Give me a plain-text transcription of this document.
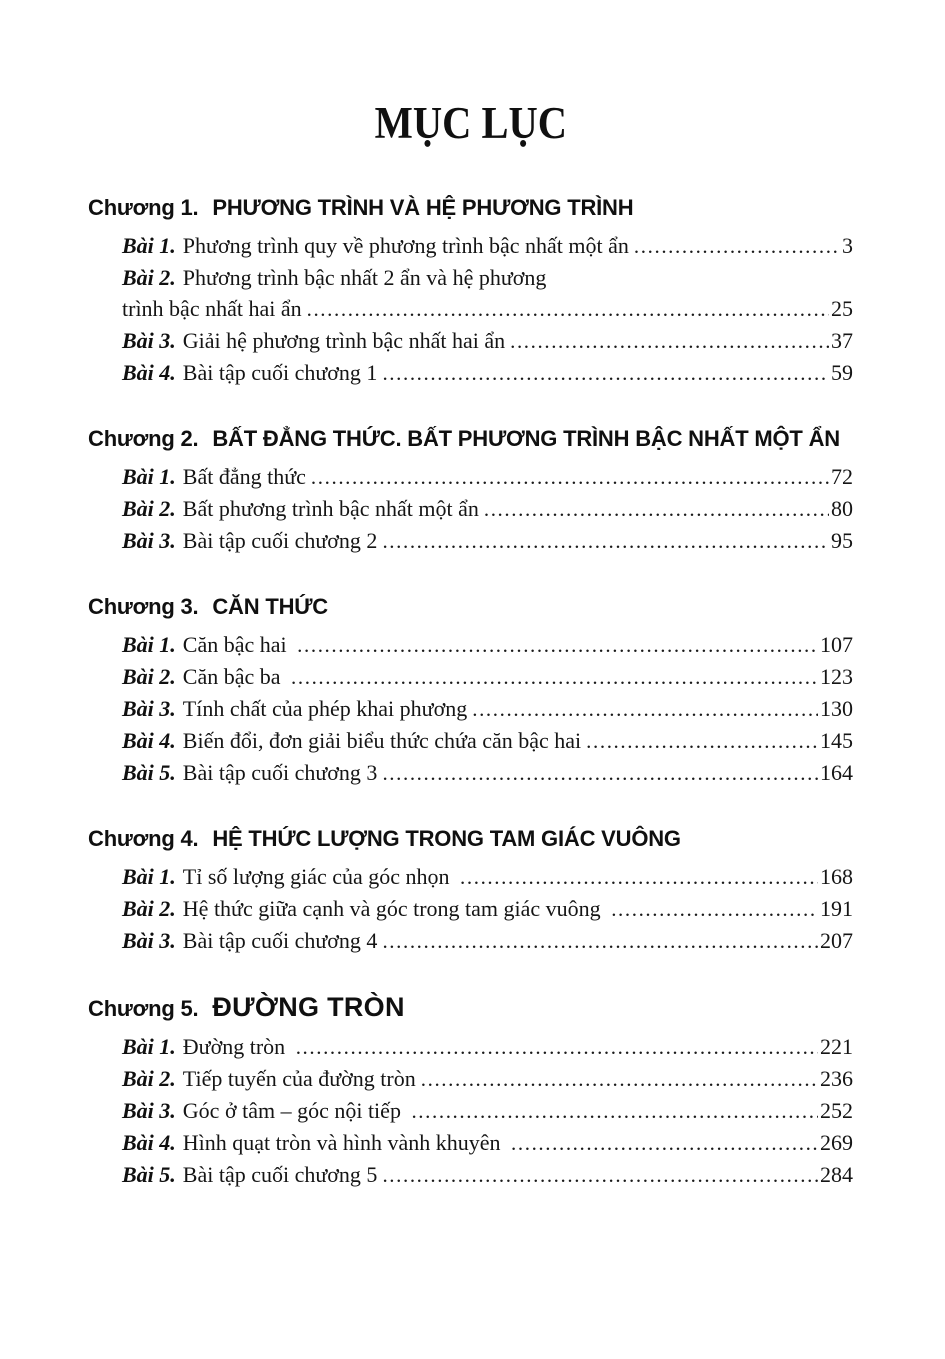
MỤC LỤC
Chương 1. PHƯƠNG TRÌNH VÀ HỆ PHƯƠNG TRÌNH
Bài 1. Phương trình quy về phương trình bậc nhất một ẩn .....	3
Bài 2. Phương trình bậc nhất 2 ẩn và hệ phương
trình bậc nhất hai ẩn .....	25
Bài 3. Giải hệ phương trình bậc nhất hai ẩn .....	37
Bài 4. Bài tập cuối chương 1 .....	59
Chương 2. BẤT ĐẲNG THỨC. BẤT PHƯƠNG TRÌNH BẬC NHẤT MỘT ẨN
Bài 1. Bất đẳng thức .....	72
Bài 2. Bất phương trình bậc nhất một ẩn .....	80
Bài 3. Bài tập cuối chương 2 .....	95
Chương 3. CĂN THỨC
Bài 1. Căn bậc hai .....	107
Bài 2. Căn bậc ba .....	123
Bài 3. Tính chất của phép khai phương .....	130
Bài 4. Biến đổi, đơn giải biểu thức chứa căn bậc hai .....	145
Bài 5. Bài tập cuối chương 3 .....	164
Chương 4. HỆ THỨC LƯỢNG TRONG TAM GIÁC VUÔNG
Bài 1. Tỉ số lượng giác của góc nhọn .....	168
Bài 2. Hệ thức giữa cạnh và góc trong tam giác vuông .....	191
Bài 3. Bài tập cuối chương 4 .....	207
Chương 5. ĐƯỜNG TRÒN
Bài 1. Đường tròn .....	221
Bài 2. Tiếp tuyến của đường tròn .....	236
Bài 3. Góc ở tâm – góc nội tiếp .....	252
Bài 4. Hình quạt tròn và hình vành khuyên .....	269
Bài 5. Bài tập cuối chương 5 .....	284
